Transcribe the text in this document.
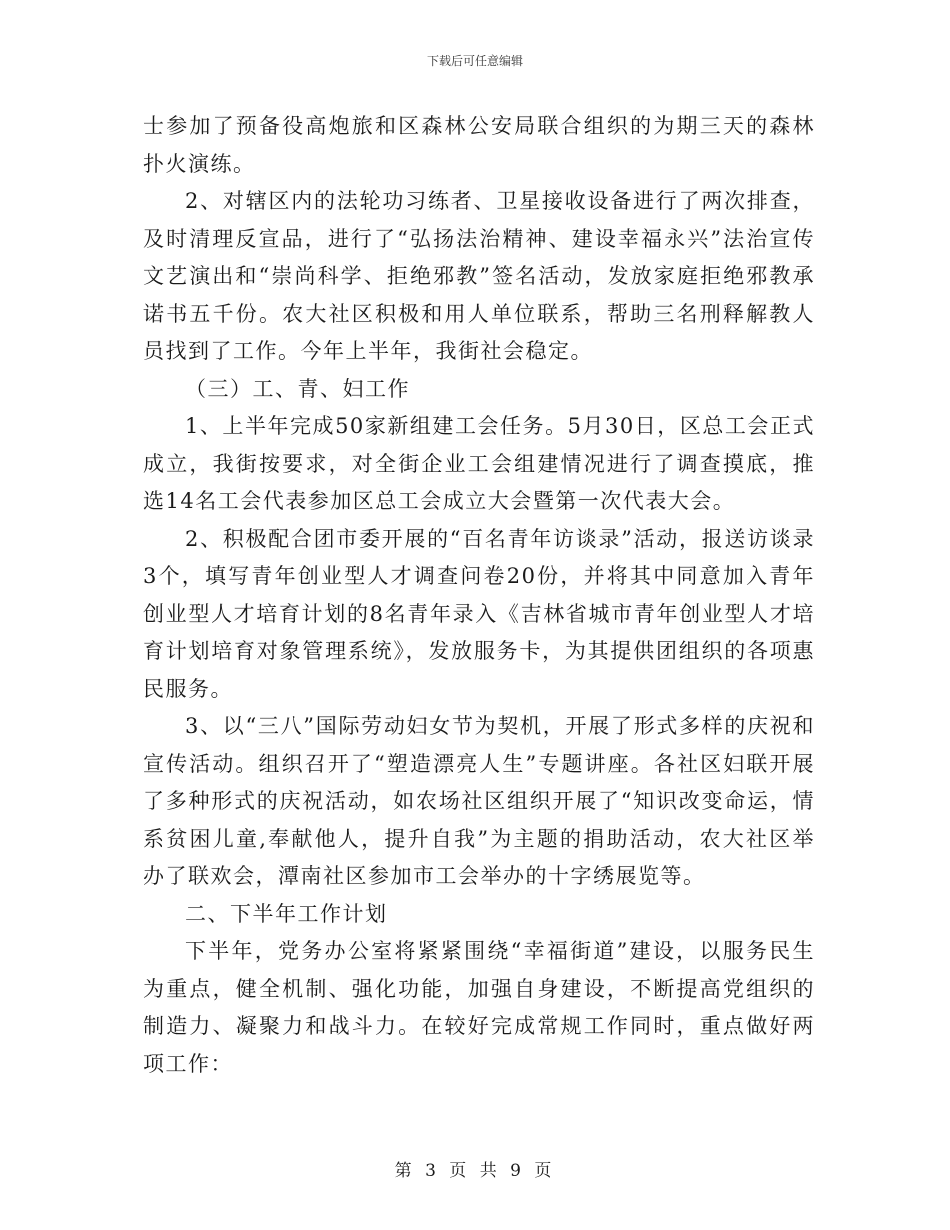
下载后可任意编辑

士参加了预备役高炮旅和区森林公安局联合组织的为期三天的森林扑火演练。

2、对辖区内的法轮功习练者、卫星接收设备进行了两次排查，及时清理反宣品，进行了“弘扬法治精神、建设幸福永兴”法治宣传文艺演出和“崇尚科学、拒绝邪教”签名活动，发放家庭拒绝邪教承诺书五千份。农大社区积极和用人单位联系，帮助三名刑释解教人员找到了工作。今年上半年，我街社会稳定。

（三）工、青、妇工作

1、上半年完成50家新组建工会任务。5月30日，区总工会正式成立，我街按要求，对全街企业工会组建情况进行了调查摸底，推选14名工会代表参加区总工会成立大会暨第一次代表大会。

2、积极配合团市委开展的“百名青年访谈录”活动，报送访谈录3个，填写青年创业型人才调查问卷20份，并将其中同意加入青年创业型人才培育计划的8名青年录入《吉林省城市青年创业型人才培育计划培育对象管理系统》，发放服务卡，为其提供团组织的各项惠民服务。

3、以“三八”国际劳动妇女节为契机，开展了形式多样的庆祝和宣传活动。组织召开了“塑造漂亮人生”专题讲座。各社区妇联开展了多种形式的庆祝活动，如农场社区组织开展了“知识改变命运，情系贫困儿童,奉献他人，提升自我”为主题的捐助活动，农大社区举办了联欢会，潭南社区参加市工会举办的十字绣展览等。

二、下半年工作计划

下半年，党务办公室将紧紧围绕“幸福街道”建设，以服务民生为重点，健全机制、强化功能，加强自身建设，不断提高党组织的制造力、凝聚力和战斗力。在较好完成常规工作同时，重点做好两项工作：

第 3 页 共 9 页
